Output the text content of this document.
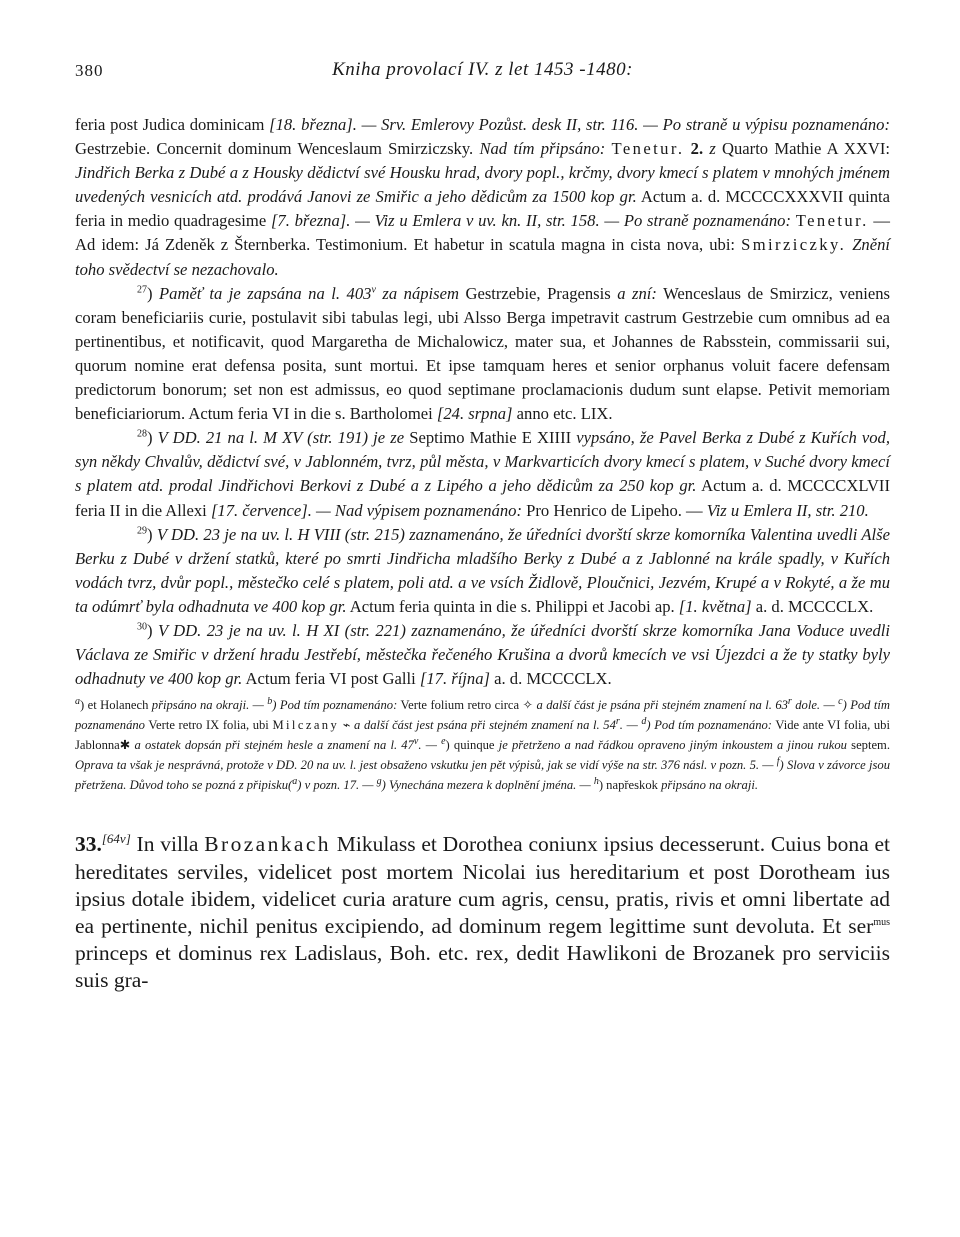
380	Kniha provolací IV. z let 1453 -1480:

feria post Judica dominicam [18. března]. — Srv. Emlerovy Pozůst. desk II, str. 116. — Po straně u výpisu poznamenáno: Gestrzebie. Concernit dominum Wenceslaum Smirziczsky. Nad tím připsáno: Tenetur. 2. z Quarto Mathie A XXVI: Jindřich Berka z Dubé a z Housky dědictví své Housku hrad, dvory popl., krčmy, dvory kmecí s platem v mnohých jménem uvedených vesnicích atd. prodává Janovi ze Smiřic a jeho dědicům za 1500 kop gr. Actum a. d. MCCCCXXXVII quinta feria in medio quadragesime [7. března]. — Viz u Emlera v uv. kn. II, str. 158. — Po straně poznamenáno: Tenetur. — Ad idem: Já Zdeněk z Šternberka. Testimonium. Et habetur in scatula magna in cista nova, ubi: Smirziczky. Znění toho svědectví se nezachovalo.

$^{27}$) Paměť ta je zapsána na l. 403$^v$ za nápisem Gestrzebie, Pragensis a zní: Wenceslaus de Smirzicz, veniens coram beneficiariis curie, postulavit sibi tabulas legi, ubi Alsso Berga impetravit castrum Gestrzebie cum omnibus ad ea pertinentibus, et notificavit, quod Margaretha de Michalowicz, mater sua, et Johannes de Rabsstein, commissarii sui, quorum nomine erat defensa posita, sunt mortui. Et ipse tamquam heres et senior orphanus voluit facere defensam predictorum bonorum; set non est admissus, eo quod septimane proclamacionis dudum sunt elapse. Petivit memoriam beneficiariorum. Actum feria VI in die s. Bartholomei [24. srpna] anno etc. LIX.

$^{28}$) V DD. 21 na l. M XV (str. 191) je ze Septimo Mathie E XIIII vypsáno, že Pavel Berka z Dubé z Kuřích vod, syn někdy Chvalův, dědictví své, v Jablonném, tvrz, půl města, v Markvarticích dvory kmecí s platem, v Suché dvory kmecí s platem atd. prodal Jindřichovi Berkovi z Dubé a z Lipého a jeho dědicům za 250 kop gr. Actum a. d. MCCCCXLVII feria II in die Allexi [17. července]. — Nad výpisem poznamenáno: Pro Henrico de Lipeho. — Viz u Emlera II, str. 210.

$^{29}$) V DD. 23 je na uv. l. H VIII (str. 215) zaznamenáno, že úředníci dvorští skrze komorníka Valentina uvedli Alše Berku z Dubé v držení statků, které po smrti Jindřicha mladšího Berky z Dubé a z Jablonné na krále spadly, v Kuřích vodách tvrz, dvůr popl., městečko celé s platem, poli atd. a ve vsích Židlově, Ploučnici, Jezvém, Krupé a v Rokyté, a že mu ta odúmrť byla odhadnuta ve 400 kop gr. Actum feria quinta in die s. Philippi et Jacobi ap. [1. května] a. d. MCCCCLX.

$^{30}$) V DD. 23 je na uv. l. H XI (str. 221) zaznamenáno, že úředníci dvorští skrze komorníka Jana Voduce uvedli Václava ze Smiřic v držení hradu Jestřebí, městečka řečeného Krušina a dvorů kmecích ve vsi Újezdci a že ty statky byly odhadnuty ve 400 kop gr. Actum feria VI post Galli [17. října] a. d. MCCCCLX.

$^a$) et Holanech připsáno na okraji. — $^b$) Pod tím poznamenáno: Verte folium retro circa ✧ a další část je psána při stejném znamení na l. 63$^r$ dole. — $^c$) Pod tím poznamenáno Verte retro IX folia, ubi Milczany ⌁ a další část jest psána při stejném znamení na l. 54$^r$. — $^d$) Pod tím poznamenáno: Vide ante VI folia, ubi Jablonna✱ a ostatek dopsán při stejném hesle a znamení na l. 47$^v$. — $^e$) quinque je přetrženo a nad řádkou opraveno jiným inkoustem a jinou rukou septem. Oprava ta však je nesprávná, protože v DD. 20 na uv. l. jest obsaženo vskutku jen pět výpisů, jak se vidí výše na str. 376 násl. v pozn. 5. — $^f$) Slova v závorce jsou přetržena. Důvod toho se pozná z připisku($^a$) v pozn. 17. — $^g$) Vynechána mezera k doplnění jména. — $^h$) napřeskok připsáno na okraji.

33.[64v] In villa Brozankach Mikulass et Dorothea coniunx ipsius decesserunt. Cuius bona et hereditates serviles, videlicet post mortem Nicolai ius hereditarium et post Dorotheam ius ipsius dotale ibidem, videlicet curia arature cum agris, censu, pratis, rivis et omni libertate ad ea pertinente, nichil penitus excipiendo, ad dominum regem legittime sunt devoluta. Et ser$^{mus}$ princeps et dominus rex Ladislaus, Boh. etc. rex, dedit Hawlikoni de Brozanek pro serviciis suis gra-
